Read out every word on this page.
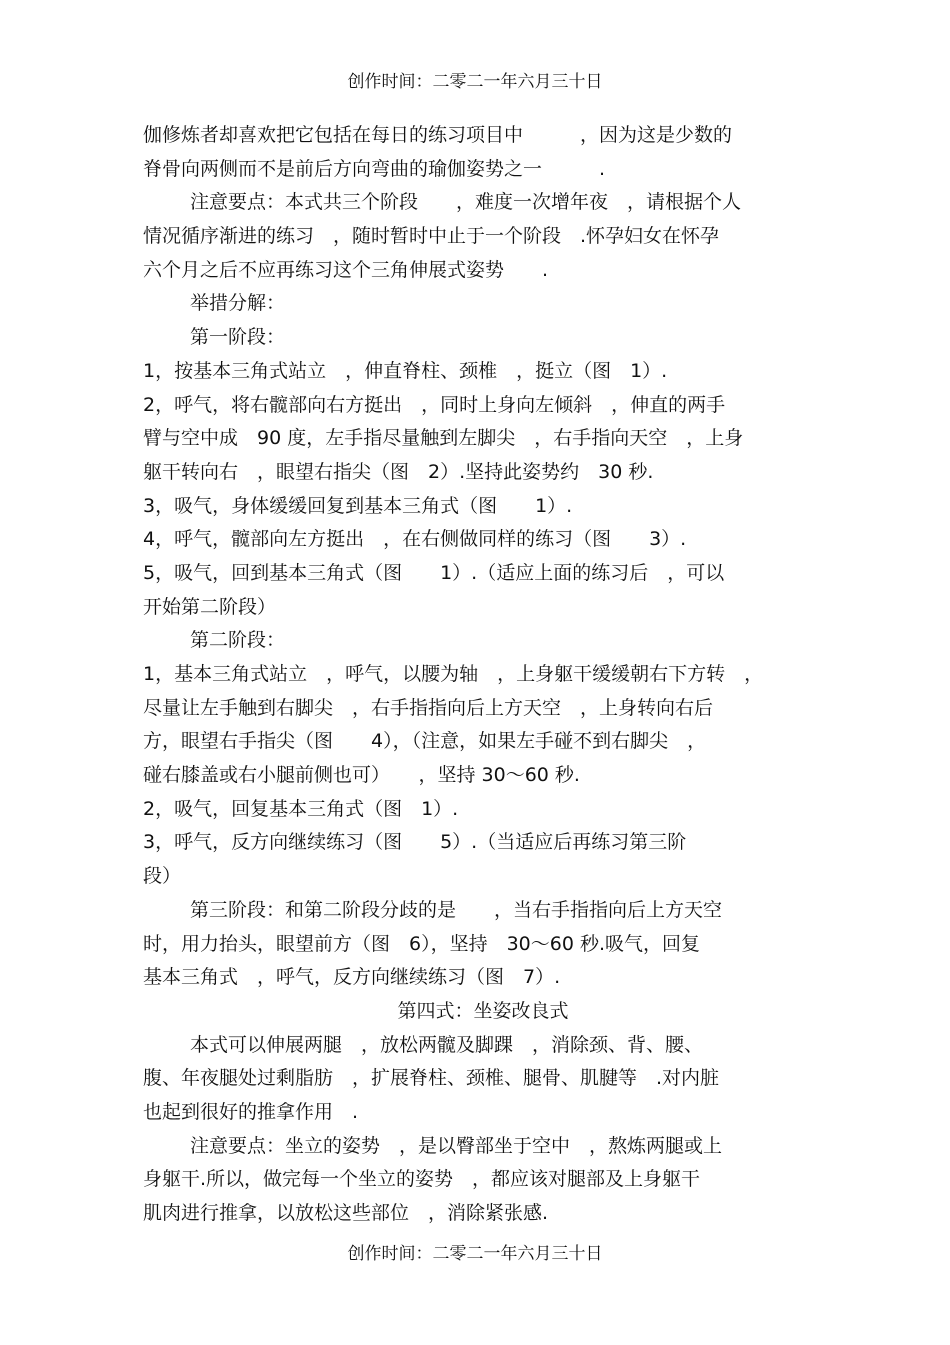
创作时间：二零二一年六月三十日
伽修炼者却喜欢把它包括在每日的练习项目中　　　，因为这是少数的
脊骨向两侧而不是前后方向弯曲的瑜伽姿势之一　　　.
注意要点：本式共三个阶段　　，难度一次增年夜　，请根据个人
情况循序渐进的练习　，随时暂时中止于一个阶段　.怀孕妇女在怀孕
六个月之后不应再练习这个三角伸展式姿势　　.
举措分解：
第一阶段：
1，按基本三角式站立　，伸直脊柱、颈椎　，挺立（图　1）.
2，呼气，将右髋部向右方挺出　，同时上身向左倾斜　，伸直的两手
臂与空中成　90 度，左手指尽量触到左脚尖　，右手指向天空　，上身
躯干转向右　，眼望右指尖（图　2）.坚持此姿势约　30 秒.
3，吸气，身体缓缓回复到基本三角式（图　　1）.
4，呼气，髋部向左方挺出　，在右侧做同样的练习（图　　3）.
5，吸气，回到基本三角式（图　　1）.（适应上面的练习后　，可以
开始第二阶段）
第二阶段：
1，基本三角式站立　，呼气，以腰为轴　，上身躯干缓缓朝右下方转　，
尽量让左手触到右脚尖　，右手指指向后上方天空　，上身转向右后
方，眼望右手指尖（图　　4），（注意，如果左手碰不到右脚尖　，
碰右膝盖或右小腿前侧也可）　　，坚持 30～60 秒.
2，吸气，回复基本三角式（图　1）.
3，呼气，反方向继续练习（图　　5）.（当适应后再练习第三阶
段）
第三阶段：和第二阶段分歧的是　　，当右手指指向后上方天空
时，用力抬头，眼望前方（图　6），坚持　30～60 秒.吸气，回复
基本三角式　，呼气，反方向继续练习（图　7）.
第四式：坐姿改良式
本式可以伸展两腿　，放松两髋及脚踝　，消除颈、背、腰、
腹、年夜腿处过剩脂肪　，扩展脊柱、颈椎、腿骨、肌腱等　.对内脏
也起到很好的推拿作用　.
注意要点：坐立的姿势　，是以臀部坐于空中　，熬炼两腿或上
身躯干.所以，做完每一个坐立的姿势　，都应该对腿部及上身躯干
肌肉进行推拿，以放松这些部位　，消除紧张感.
创作时间：二零二一年六月三十日
